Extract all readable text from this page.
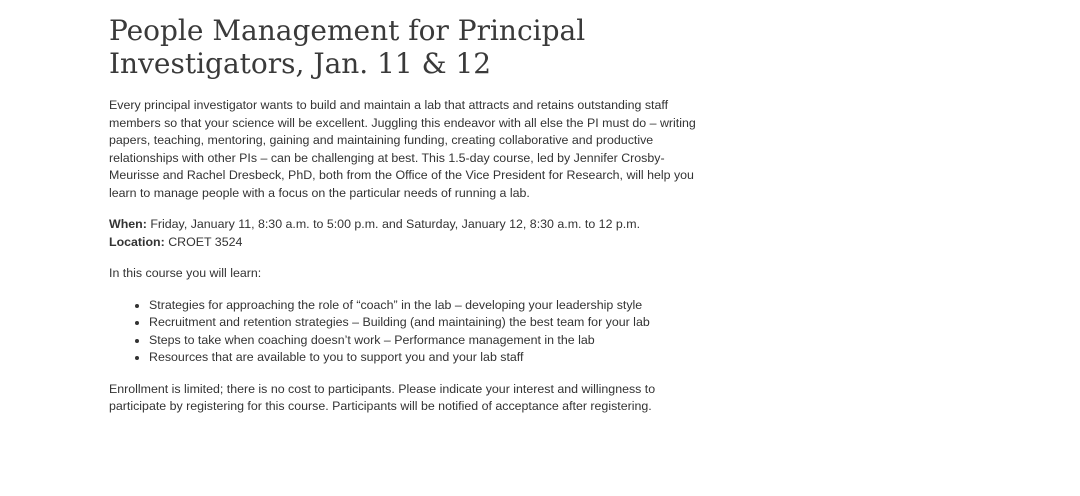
People Management for Principal Investigators, Jan. 11 & 12

Every principal investigator wants to build and maintain a lab that attracts and retains outstanding staff members so that your science will be excellent. Juggling this endeavor with all else the PI must do – writing papers, teaching, mentoring, gaining and maintaining funding, creating collaborative and productive relationships with other PIs – can be challenging at best. This 1.5-day course, led by Jennifer Crosby-Meurisse and Rachel Dresbeck, PhD, both from the Office of the Vice President for Research, will help you learn to manage people with a focus on the particular needs of running a lab.

When: Friday, January 11, 8:30 a.m. to 5:00 p.m. and Saturday, January 12, 8:30 a.m. to 12 p.m.
Location: CROET 3524

In this course you will learn:

• Strategies for approaching the role of “coach” in the lab – developing your leadership style
• Recruitment and retention strategies – Building (and maintaining) the best team for your lab
• Steps to take when coaching doesn’t work – Performance management in the lab
• Resources that are available to you to support you and your lab staff

Enrollment is limited; there is no cost to participants. Please indicate your interest and willingness to participate by registering for this course. Participants will be notified of acceptance after registering.
